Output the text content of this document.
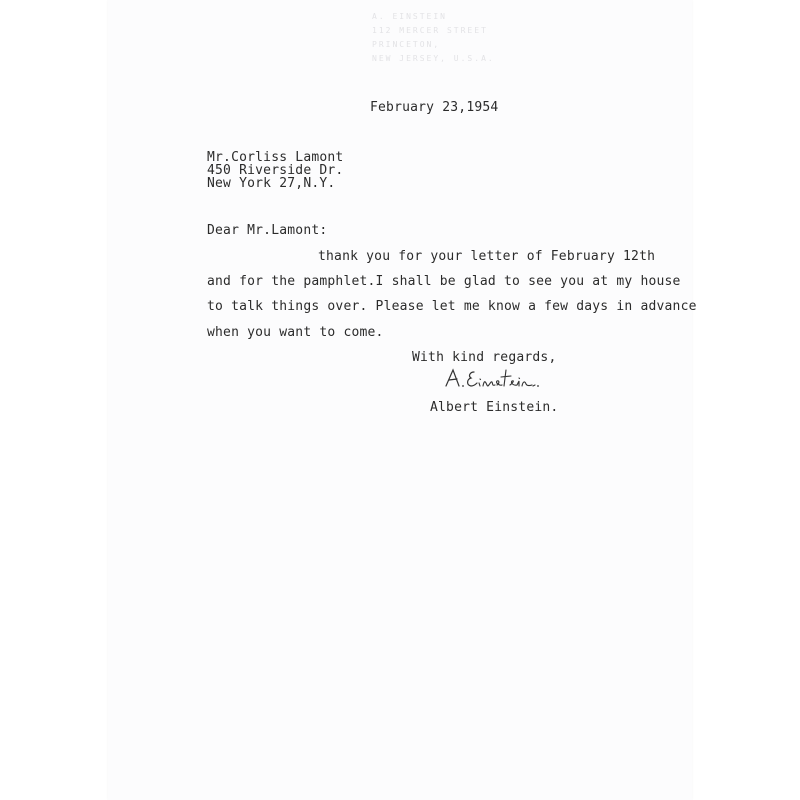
A. EINSTEIN
112 MERCER STREET
PRINCETON,
NEW JERSEY, U.S.A.
February 23,1954
Mr.Corliss Lamont
450 Riverside Dr.
New York 27,N.Y.
Dear Mr.Lamont:
thank you for your letter of February 12th
and for the pamphlet.I shall be glad to see you at my house
to talk things over. Please let me know a few days in advance
when you want to come.
With kind regards,
Albert Einstein.
